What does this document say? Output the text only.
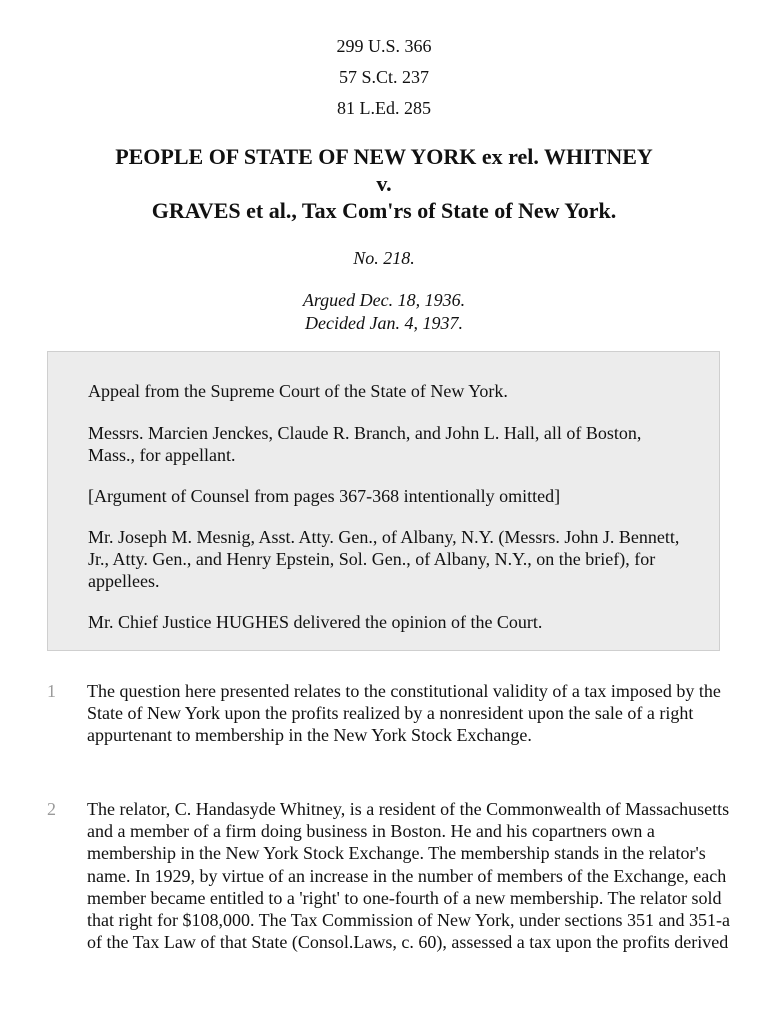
299 U.S. 366

57 S.Ct. 237

81 L.Ed. 285

PEOPLE OF STATE OF NEW YORK ex rel. WHITNEY

v.

GRAVES et al., Tax Com'rs of State of New York.

No. 218.

Argued Dec. 18, 1936.

Decided Jan. 4, 1937.

Appeal from the Supreme Court of the State of New York.

Messrs. Marcien Jenckes, Claude R. Branch, and John L. Hall, all of Boston, Mass., for appellant.

[Argument of Counsel from pages 367-368 intentionally omitted]

Mr. Joseph M. Mesnig, Asst. Atty. Gen., of Albany, N.Y. (Messrs. John J. Bennett, Jr., Atty. Gen., and Henry Epstein, Sol. Gen., of Albany, N.Y., on the brief), for appellees.

Mr. Chief Justice HUGHES delivered the opinion of the Court.

1 The question here presented relates to the constitutional validity of a tax imposed by the State of New York upon the profits realized by a nonresident upon the sale of a right appurtenant to membership in the New York Stock Exchange.

2 The relator, C. Handasyde Whitney, is a resident of the Commonwealth of Massachusetts and a member of a firm doing business in Boston. He and his copartners own a membership in the New York Stock Exchange. The membership stands in the relator's name. In 1929, by virtue of an increase in the number of members of the Exchange, each member became entitled to a 'right' to one-fourth of a new membership. The relator sold that right for $108,000. The Tax Commission of New York, under sections 351 and 351-a of the Tax Law of that State (Consol.Laws, c. 60), assessed a tax upon the profits derived
